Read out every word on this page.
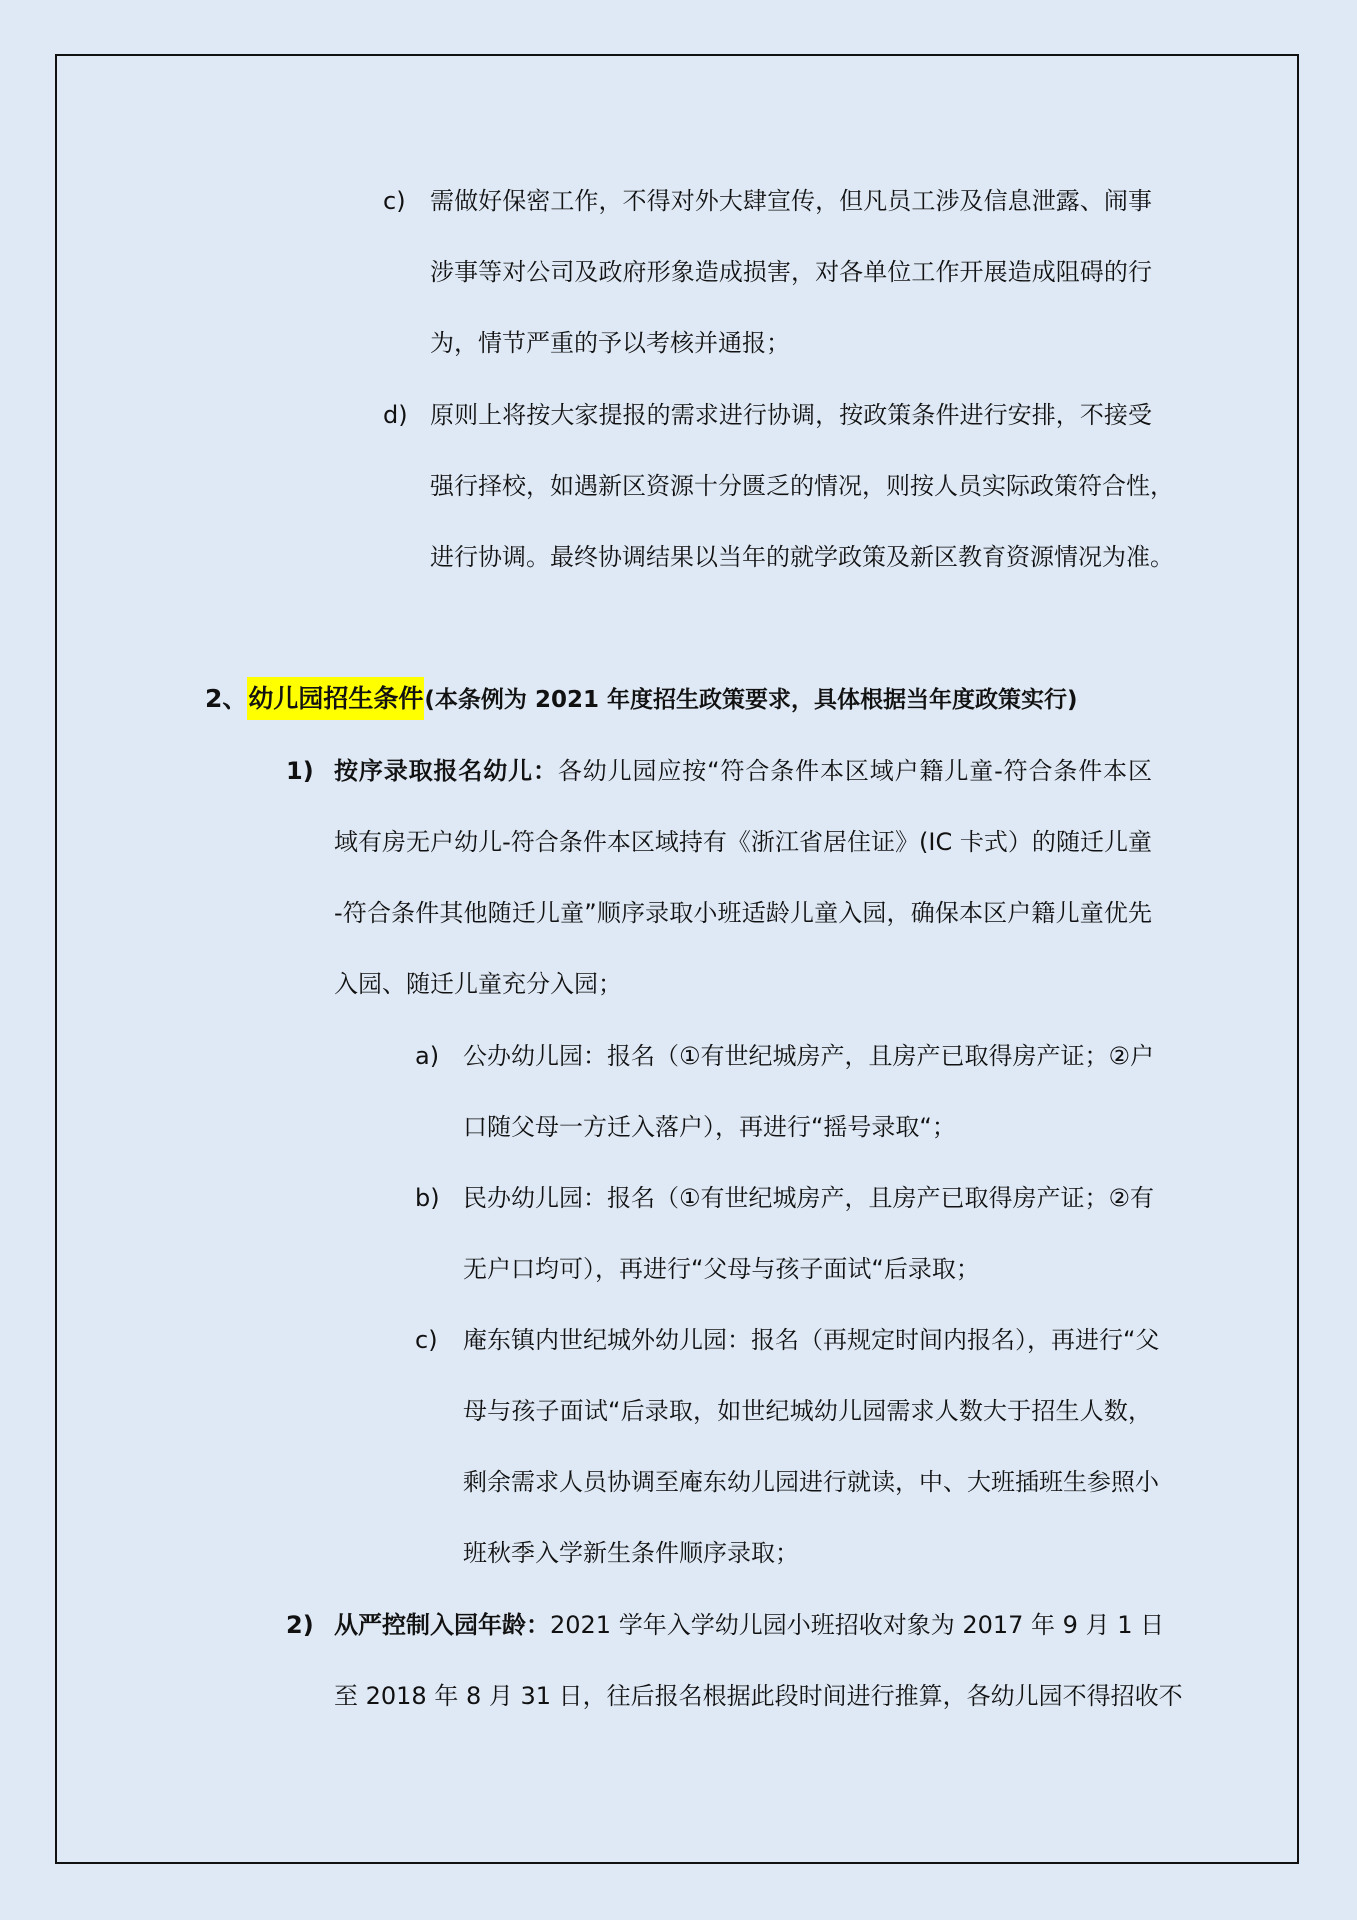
c) 需做好保密工作，不得对外大肆宣传，但凡员工涉及信息泄露、闹事
涉事等对公司及政府形象造成损害，对各单位工作开展造成阻碍的行
为，情节严重的予以考核并通报；
d) 原则上将按大家提报的需求进行协调，按政策条件进行安排，不接受
强行择校，如遇新区资源十分匮乏的情况，则按人员实际政策符合性，
进行协调。最终协调结果以当年的就学政策及新区教育资源情况为准。
2、幼儿园招生条件(本条例为 2021 年度招生政策要求，具体根据当年度政策实行)
1) 按序录取报名幼儿：各幼儿园应按“符合条件本区域户籍儿童-符合条件本区
域有房无户幼儿-符合条件本区域持有《浙江省居住证》(IC 卡式）的随迁儿童
-符合条件其他随迁儿童”顺序录取小班适龄儿童入园，确保本区户籍儿童优先
入园、随迁儿童充分入园；
a) 公办幼儿园：报名（①有世纪城房产，且房产已取得房产证；②户
口随父母一方迁入落户），再进行“摇号录取“；
b) 民办幼儿园：报名（①有世纪城房产，且房产已取得房产证；②有
无户口均可），再进行“父母与孩子面试“后录取；
c) 庵东镇内世纪城外幼儿园：报名（再规定时间内报名），再进行“父
母与孩子面试“后录取，如世纪城幼儿园需求人数大于招生人数，
剩余需求人员协调至庵东幼儿园进行就读，中、大班插班生参照小
班秋季入学新生条件顺序录取；
2) 从严控制入园年龄：2021 学年入学幼儿园小班招收对象为 2017 年 9 月 1 日
至 2018 年 8 月 31 日，往后报名根据此段时间进行推算，各幼儿园不得招收不
